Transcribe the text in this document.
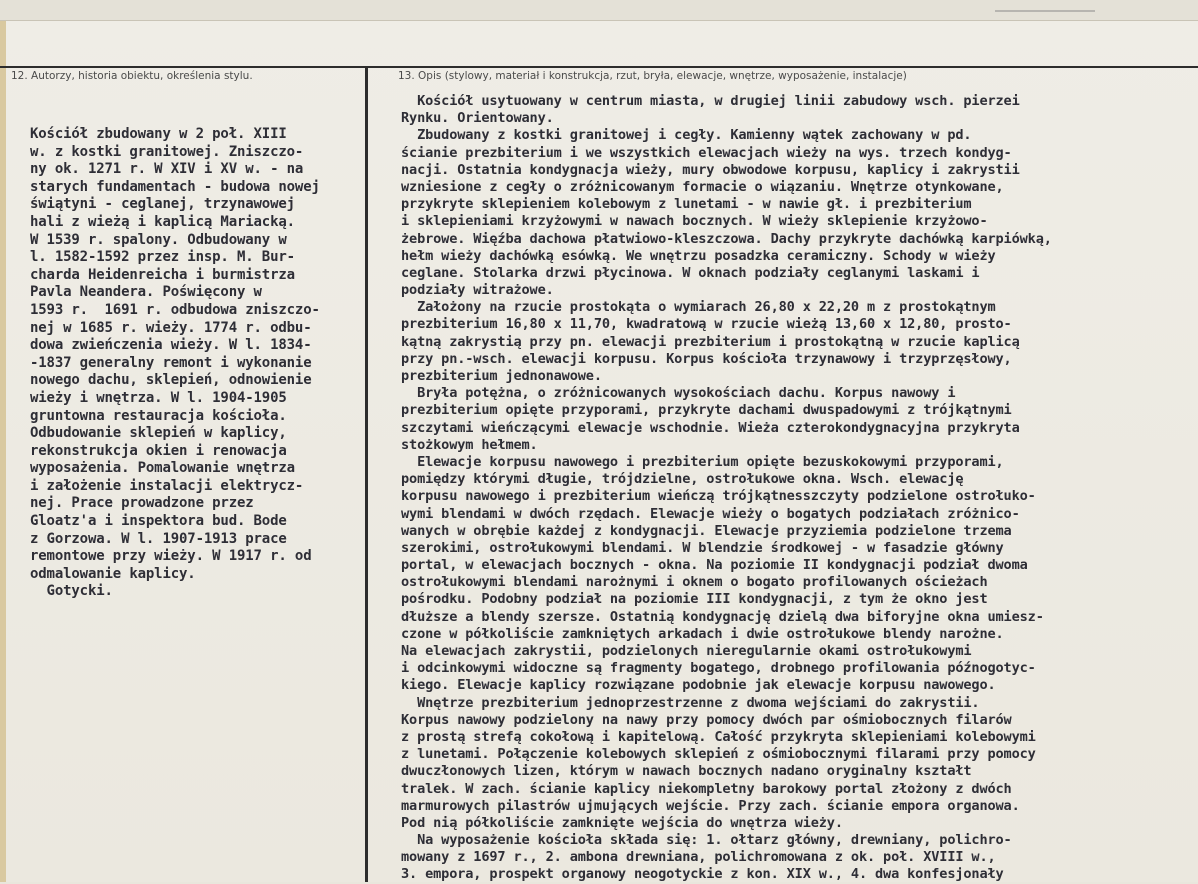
12. Autorzy, historia obiektu, określenia stylu.	13. Opis (stylowy, materiał i konstrukcja, rzut, bryła, elewacje, wnętrze, wyposażenie, instalacje)
Kościół zbudowany w 2 poł. XIII
w. z kostki granitowej. Zniszczo-
ny ok. 1271 r. W XIV i XV w. - na
starych fundamentach - budowa nowej
świątyni - ceglanej, trzynawowej
hali z wieżą i kaplicą Mariacką.
W 1539 r. spalony. Odbudowany w
l. 1582-1592 przez insp. M. Bur-
charda Heidenreicha i burmistrza
Pavla Neandera. Poświęcony w
1593 r.  1691 r. odbudowa zniszczo-
nej w 1685 r. wieży. 1774 r. odbu-
dowa zwieńczenia wieży. W l. 1834-
-1837 generalny remont i wykonanie
nowego dachu, sklepień, odnowienie
wieży i wnętrza. W l. 1904-1905
gruntowna restauracja kościoła.
Odbudowanie sklepień w kaplicy,
rekonstrukcja okien i renowacja
wyposażenia. Pomalowanie wnętrza
i założenie instalacji elektrycz-
nej. Prace prowadzone przez
Gloatz'a i inspektora bud. Bode
z Gorzowa. W l. 1907-1913 prace
remontowe przy wieży. W 1917 r. od
odmalowanie kaplicy.
Gotycki.
Kościół usytuowany w centrum miasta, w drugiej linii zabudowy wsch. pierzei
Rynku. Orientowany.
Zbudowany z kostki granitowej i cegły. Kamienny wątek zachowany w pd.
ścianie prezbiterium i we wszystkich elewacjach wieży na wys. trzech kondyg-
nacji. Ostatnia kondygnacja wieży, mury obwodowe korpusu, kaplicy i zakrystii
wzniesione z cegły o zróżnicowanym formacie o wiązaniu. Wnętrze otynkowane,
przykryte sklepieniem kolebowym z lunetami - w nawie gł. i prezbiterium
i sklepieniami krzyżowymi w nawach bocznych. W wieży sklepienie krzyżowo-
żebrowe. Więźba dachowa płatwiowo-kleszczowa. Dachy przykryte dachówką karpiówką,
hełm wieży dachówką esówką. We wnętrzu posadzka ceramiczny. Schody w wieży
ceglane. Stolarka drzwi płycinowa. W oknach podziały ceglanymi laskami i
podziały witrażowe.
Założony na rzucie prostokąta o wymiarach 26,80 x 22,20 m z prostokątnym
prezbiterium 16,80 x 11,70, kwadratową w rzucie wieżą 13,60 x 12,80, prosto-
kątną zakrystią przy pn. elewacji prezbiterium i prostokątną w rzucie kaplicą
przy pn.-wsch. elewacji korpusu. Korpus kościoła trzynawowy i trzyprzęsłowy,
prezbiterium jednonawowe.
Bryła potężna, o zróżnicowanych wysokościach dachu. Korpus nawowy i
prezbiterium opięte przyporami, przykryte dachami dwuspadowymi z trójkątnymi
szczytami wieńczącymi elewacje wschodnie. Wieża czterokondygnacyjna przykryta
stożkowym hełmem.
Elewacje korpusu nawowego i prezbiterium opięte bezuskokowymi przyporami,
pomiędzy którymi długie, trójdzielne, ostrołukowe okna. Wsch. elewację
korpusu nawowego i prezbiterium wieńczą trójkątnesszczyty podzielone ostrołuko-
wymi blendami w dwóch rzędach. Elewacje wieży o bogatych podziałach zróżnico-
wanych w obrębie każdej z kondygnacji. Elewacje przyziemia podzielone trzema
szerokimi, ostrołukowymi blendami. W blendzie środkowej - w fasadzie główny
portal, w elewacjach bocznych - okna. Na poziomie II kondygnacji podział dwoma
ostrołukowymi blendami narożnymi i oknem o bogato profilowanych ościeżach
pośrodku. Podobny podział na poziomie III kondygnacji, z tym że okno jest
dłuższe a blendy szersze. Ostatnią kondygnację dzielą dwa biforyjne okna umiesz-
czone w półkoliście zamkniętych arkadach i dwie ostrołukowe blendy narożne.
Na elewacjach zakrystii, podzielonych nieregularnie okami ostrołukowymi
i odcinkowymi widoczne są fragmenty bogatego, drobnego profilowania późnogotyc-
kiego. Elewacje kaplicy rozwiązane podobnie jak elewacje korpusu nawowego.
Wnętrze prezbiterium jednoprzestrzenne z dwoma wejściami do zakrystii.
Korpus nawowy podzielony na nawy przy pomocy dwóch par ośmiobocznych filarów
z prostą strefą cokołową i kapitelową. Całość przykryta sklepieniami kolebowymi
z lunetami. Połączenie kolebowych sklepień z ośmiobocznymi filarami przy pomocy
dwuczłonowych lizen, którym w nawach bocznych nadano oryginalny kształt
tralek. W zach. ścianie kaplicy niekompletny barokowy portal złożony z dwóch
marmurowych pilastrów ujmujących wejście. Przy zach. ścianie empora organowa.
Pod nią półkoliście zamknięte wejścia do wnętrza wieży.
Na wyposażenie kościoła składa się: 1. ołtarz główny, drewniany, polichro-
mowany z 1697 r., 2. ambona drewniana, polichromowana z ok. poł. XVIII w.,
3. empora, prospekt organowy neogotyckie z kon. XIX w., 4. dwa konfesjonały
